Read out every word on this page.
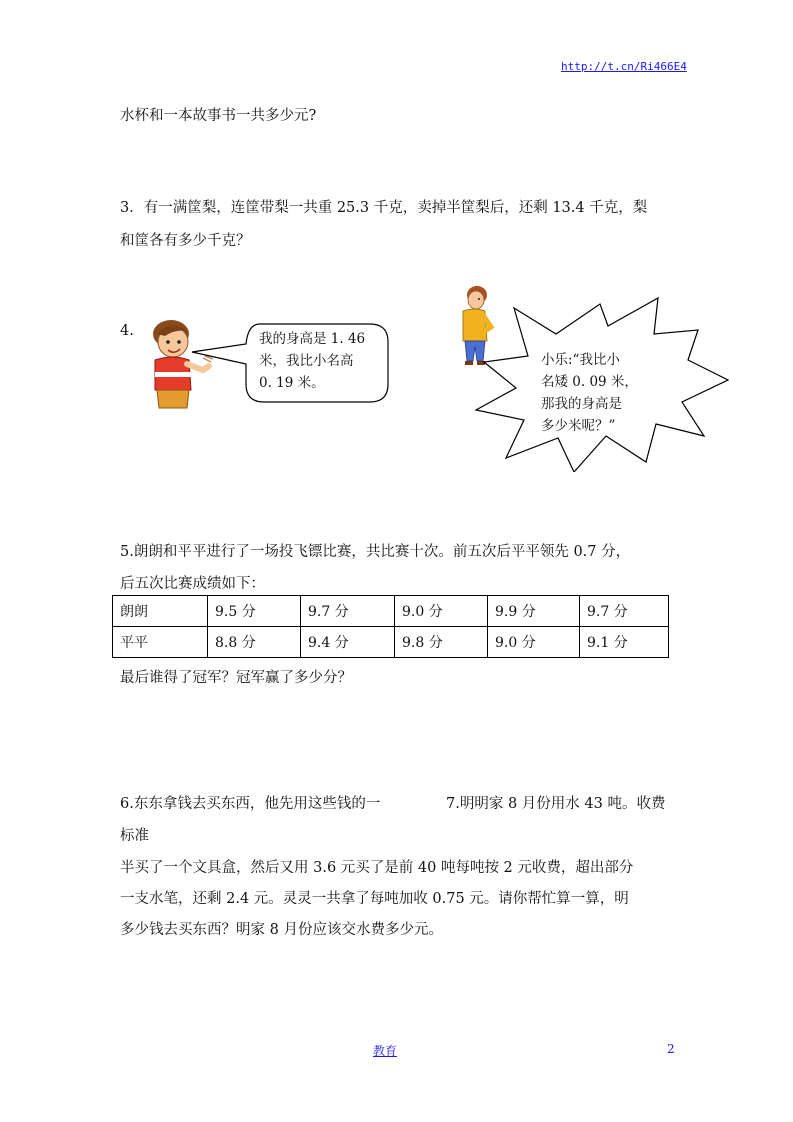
http://t.cn/Ri466E4
水杯和一本故事书一共多少元?
3．有一满筐梨，连筐带梨一共重 25.3 千克，卖掉半筐梨后，还剩 13.4 千克，梨
和筐各有多少千克？
4.	我的身高是 1. 46
米，我比小名高
0. 19 米。
小乐:“我比小
名矮 0. 09 米，
那我的身高是
多少米呢？”
5.朗朗和平平进行了一场投飞镖比赛，共比赛十次。前五次后平平领先 0.7 分，
后五次比赛成绩如下：
朗朗	9.5 分	9.7 分	9.0 分	9.9 分	9.7 分
平平	8.8 分	9.4 分	9.8 分	9.0 分	9.1 分
最后谁得了冠军？冠军赢了多少分？
6.东东拿钱去买东西，他先用这些钱的一	7.明明家 8 月份用水 43 吨。收费
标准
半买了一个文具盒，然后又用 3.6 元买了是前 40 吨每吨按 2 元收费，超出部分
一支水笔，还剩 2.4 元。灵灵一共拿了每吨加收 0.75 元。请你帮忙算一算，明
多少钱去买东西？明家 8 月份应该交水费多少元。
教育	2
